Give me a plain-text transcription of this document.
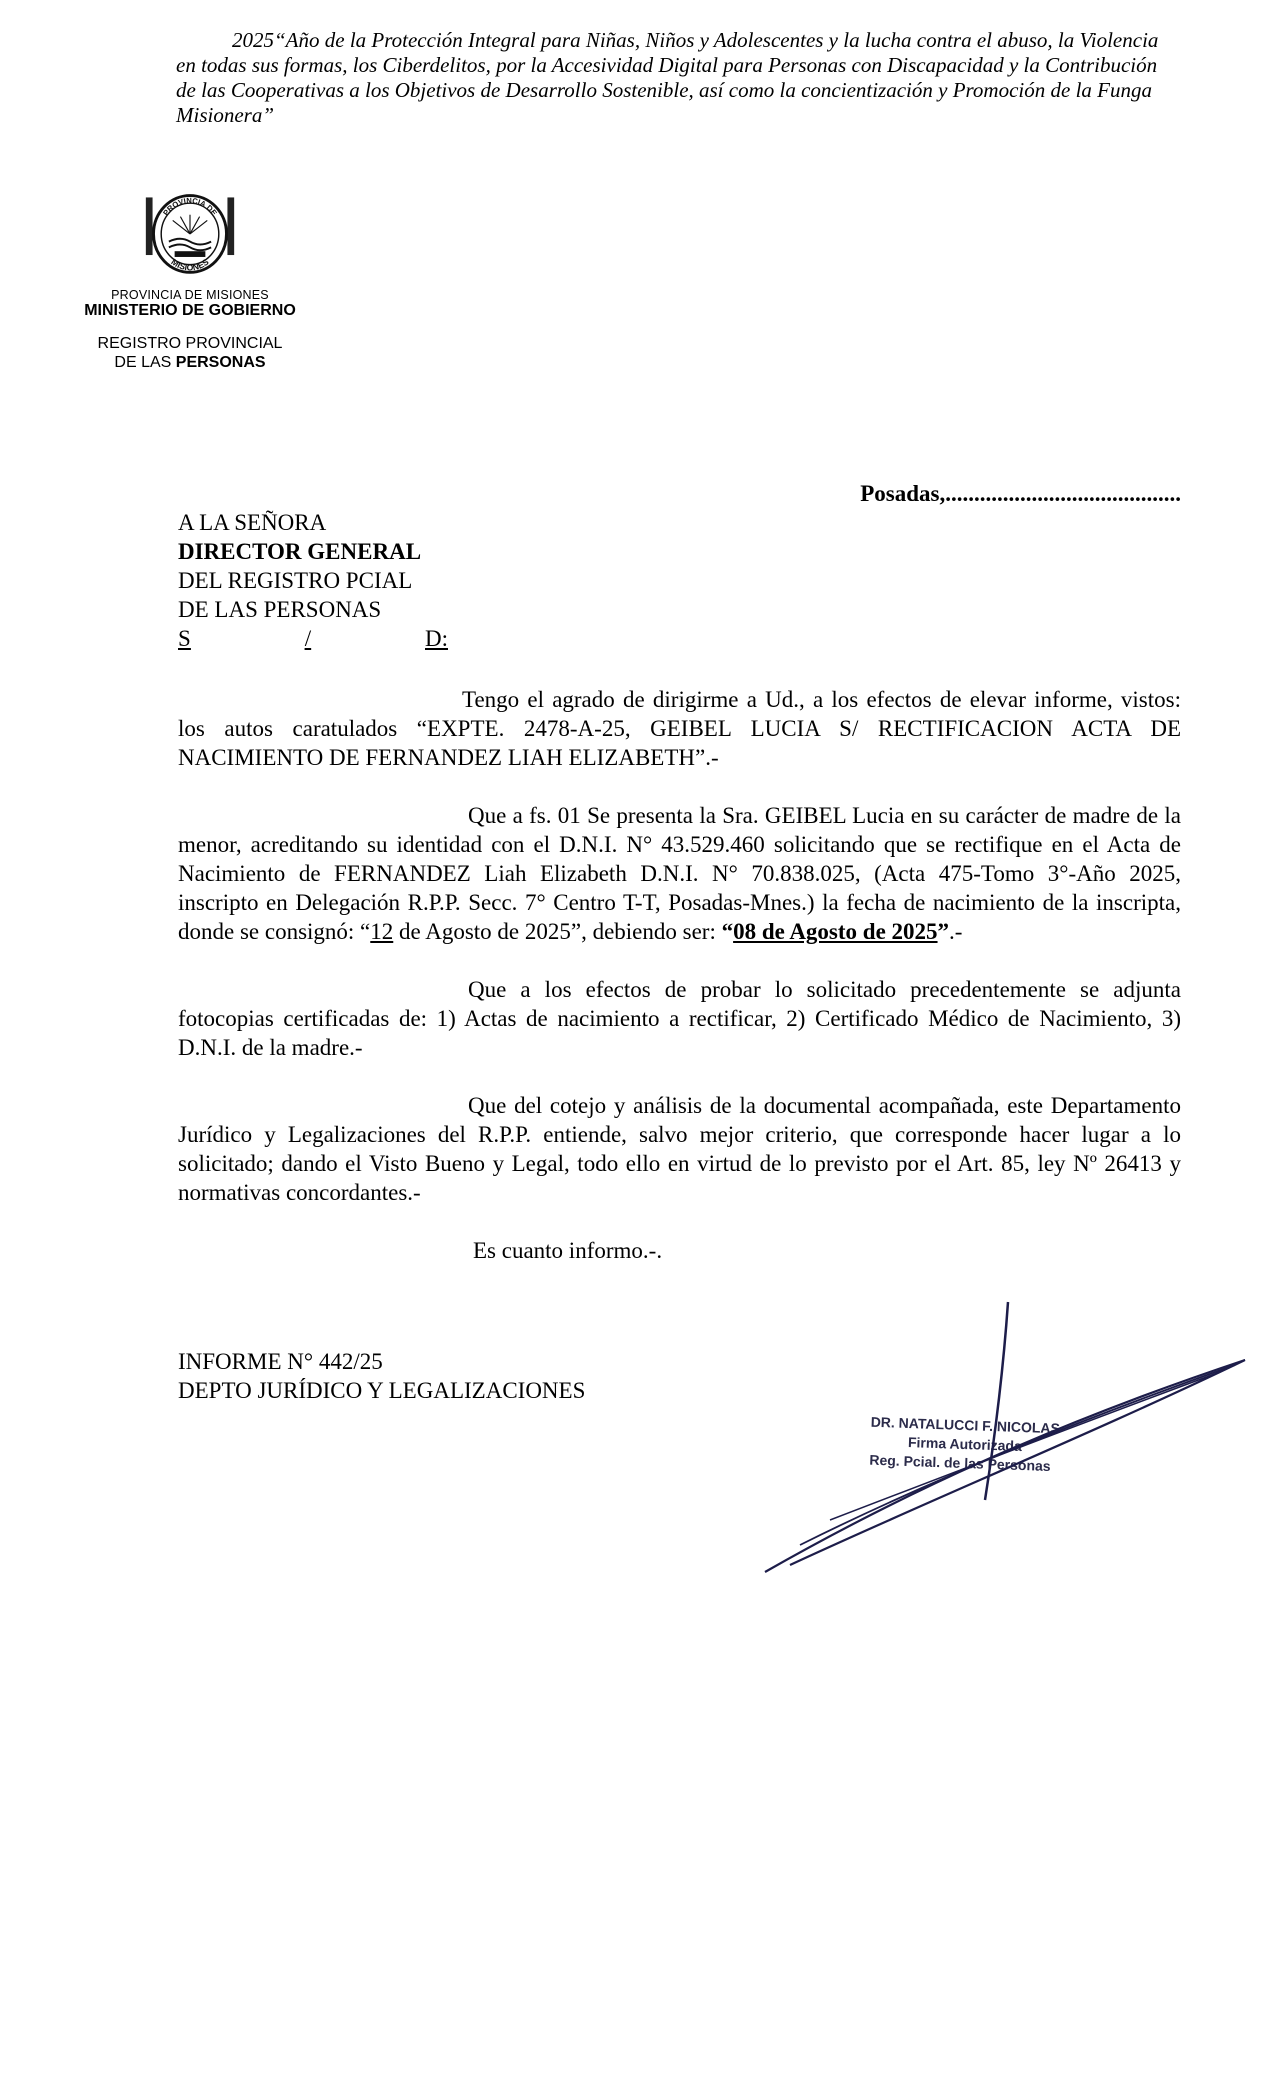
2025“Año de la Protección Integral para Niñas, Niños y Adolescentes y la lucha contra el abuso, la Violencia
en todas sus formas, los Ciberdelitos, por la Accesividad Digital para Personas con Discapacidad y la Contribución de las Cooperativas a los Objetivos de Desarrollo Sostenible, así como la concientización y Promoción de la Funga Misionera”
PROVINCIA DE
MISIONES
PROVINCIA DE MISIONES
MINISTERIO DE GOBIERNO
REGISTRO PROVINCIAL
DE LAS PERSONAS
Posadas,.........................................
A LA SEÑORA
DIRECTOR GENERAL
DEL REGISTRO PCIAL
DE LAS PERSONAS
S	/	D:

Tengo el agrado de dirigirme a Ud., a los efectos de elevar informe, vistos: los autos caratulados “EXPTE. 2478-A-25, GEIBEL LUCIA S/ RECTIFICACION ACTA DE NACIMIENTO DE FERNANDEZ LIAH ELIZABETH”.-

Que a fs. 01 Se presenta la Sra. GEIBEL Lucia en su carácter de madre de la menor, acreditando su identidad con el D.N.I. N° 43.529.460 solicitando que se rectifique en el Acta de Nacimiento de FERNANDEZ Liah Elizabeth D.N.I. N° 70.838.025, (Acta 475-Tomo 3°-Año 2025, inscripto en Delegación R.P.P. Secc. 7° Centro T-T, Posadas-Mnes.) la fecha de nacimiento de la inscripta, donde se consignó: “12 de Agosto de 2025”, debiendo ser: “08 de Agosto de 2025”.-

Que a los efectos de probar lo solicitado precedentemente se adjunta fotocopias certificadas de: 1) Actas de nacimiento a rectificar, 2) Certificado Médico de Nacimiento, 3) D.N.I. de la madre.-

Que del cotejo y análisis de la documental acompañada, este Departamento Jurídico y Legalizaciones del R.P.P. entiende, salvo mejor criterio, que corresponde hacer lugar a lo solicitado; dando el Visto Bueno y Legal, todo ello en virtud de lo previsto por el Art. 85, ley Nº 26413 y normativas concordantes.-

Es cuanto informo.-.

INFORME N° 442/25
DEPTO JURÍDICO Y LEGALIZACIONES
DR. NATALUCCI F. NICOLAS
Firma Autorizada
Reg. Pcial. de las Personas
